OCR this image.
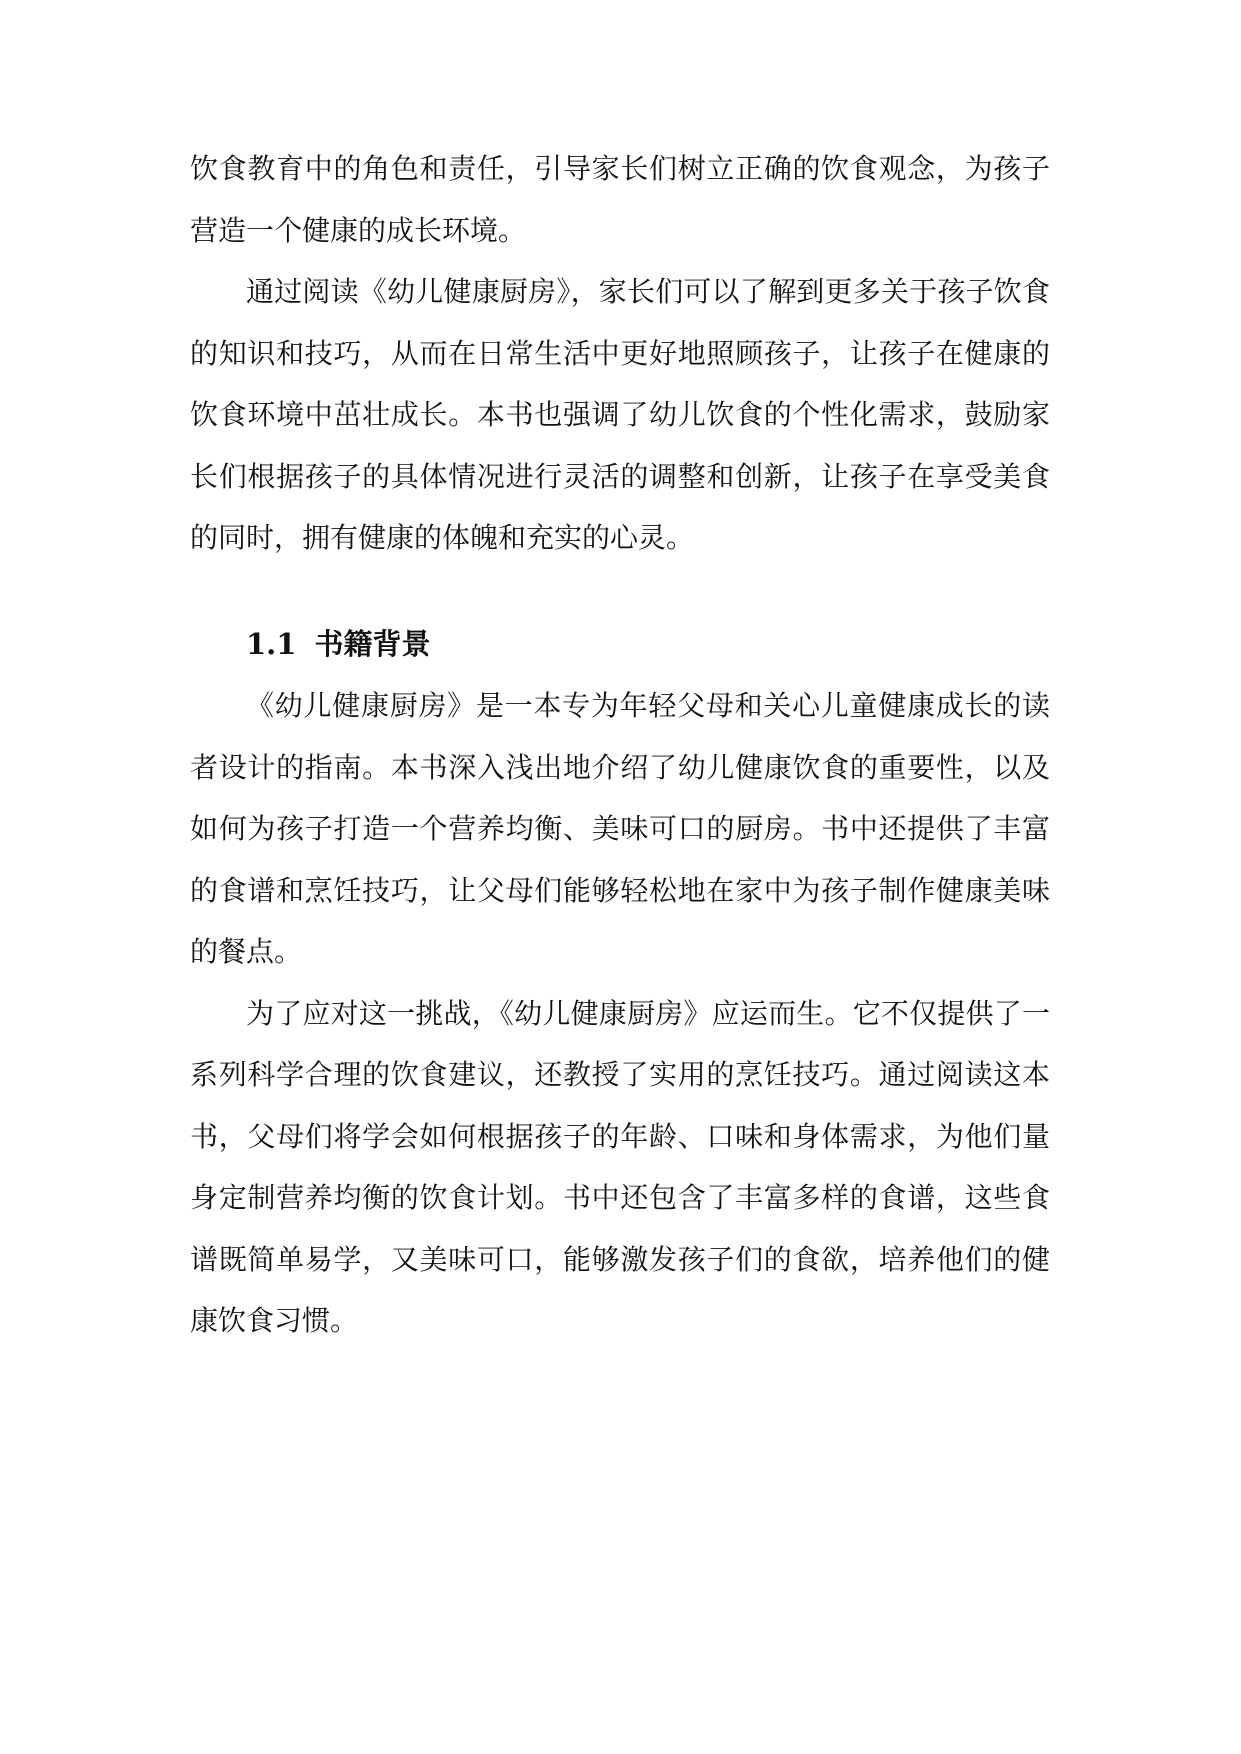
饮食教育中的角色和责任，引导家长们树立正确的饮食观念，为孩子营造一个健康的成长环境。

通过阅读《幼儿健康厨房》，家长们可以了解到更多关于孩子饮食的知识和技巧，从而在日常生活中更好地照顾孩子，让孩子在健康的饮食环境中茁壮成长。本书也强调了幼儿饮食的个性化需求，鼓励家长们根据孩子的具体情况进行灵活的调整和创新，让孩子在享受美食的同时，拥有健康的体魄和充实的心灵。

1.1 书籍背景

《幼儿健康厨房》是一本专为年轻父母和关心儿童健康成长的读者设计的指南。本书深入浅出地介绍了幼儿健康饮食的重要性，以及如何为孩子打造一个营养均衡、美味可口的厨房。书中还提供了丰富的食谱和烹饪技巧，让父母们能够轻松地在家中为孩子制作健康美味的餐点。

为了应对这一挑战，《幼儿健康厨房》应运而生。它不仅提供了一系列科学合理的饮食建议，还教授了实用的烹饪技巧。通过阅读这本书，父母们将学会如何根据孩子的年龄、口味和身体需求，为他们量身定制营养均衡的饮食计划。书中还包含了丰富多样的食谱，这些食谱既简单易学，又美味可口，能够激发孩子们的食欲，培养他们的健康饮食习惯。
